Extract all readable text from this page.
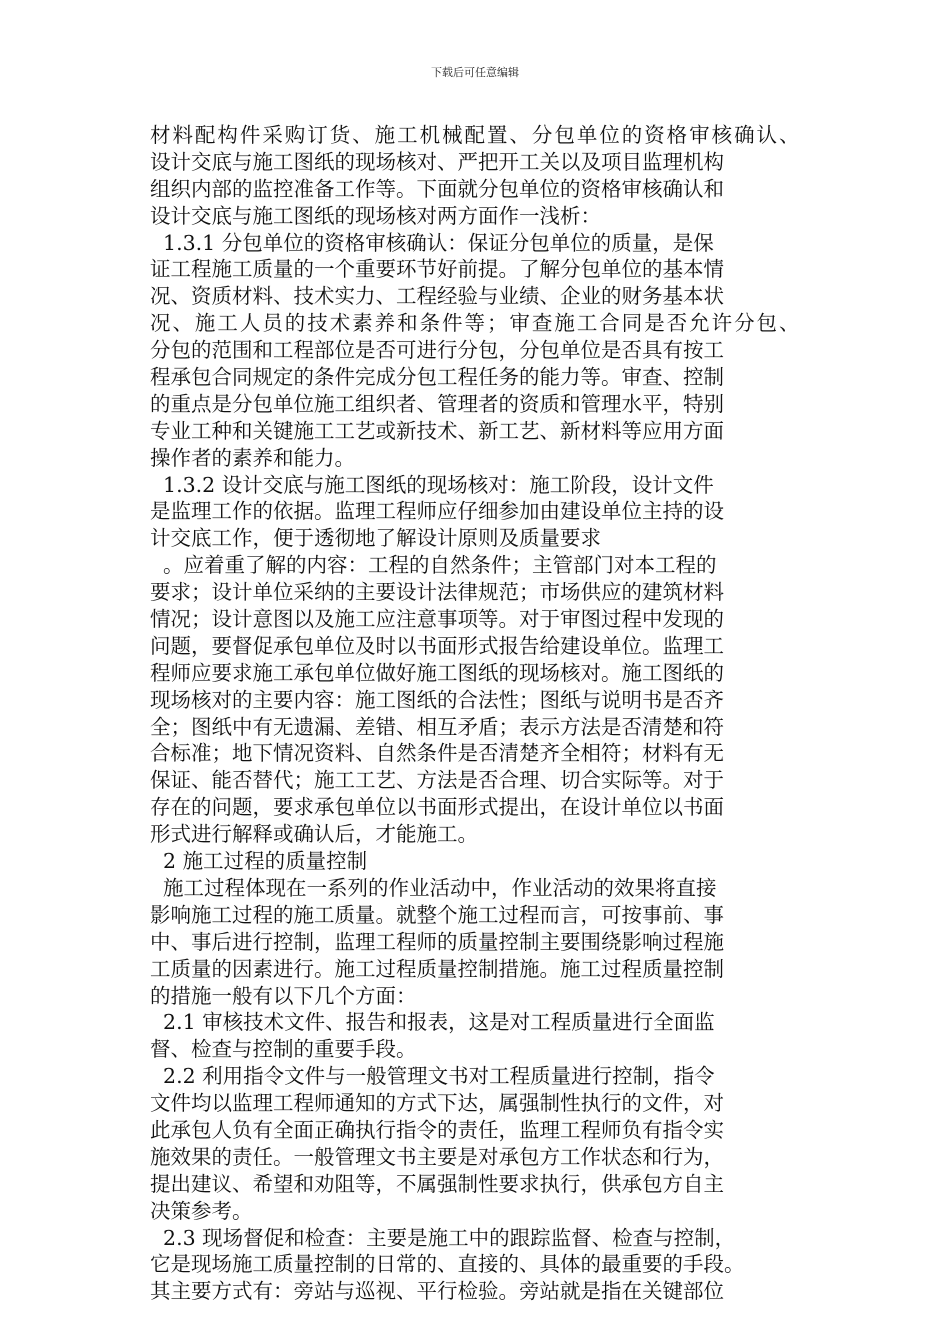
下载后可任意编辑
材料配构件采购订货、施工机械配置、分包单位的资格审核确认、
设计交底与施工图纸的现场核对、严把开工关以及项目监理机构
组织内部的监控准备工作等。下面就分包单位的资格审核确认和
设计交底与施工图纸的现场核对两方面作一浅析：
1.3.1 分包单位的资格审核确认：保证分包单位的质量，是保
证工程施工质量的一个重要环节好前提。了解分包单位的基本情
况、资质材料、技术实力、工程经验与业绩、企业的财务基本状
况、施工人员的技术素养和条件等；审查施工合同是否允许分包、
分包的范围和工程部位是否可进行分包，分包单位是否具有按工
程承包合同规定的条件完成分包工程任务的能力等。审查、控制
的重点是分包单位施工组织者、管理者的资质和管理水平，特别
专业工种和关键施工工艺或新技术、新工艺、新材料等应用方面
操作者的素养和能力。
1.3.2 设计交底与施工图纸的现场核对：施工阶段，设计文件
是监理工作的依据。监理工程师应仔细参加由建设单位主持的设
计交底工作，便于透彻地了解设计原则及质量要求
。应着重了解的内容：工程的自然条件；主管部门对本工程的
要求；设计单位采纳的主要设计法律规范；市场供应的建筑材料
情况；设计意图以及施工应注意事项等。对于审图过程中发现的
问题，要督促承包单位及时以书面形式报告给建设单位。监理工
程师应要求施工承包单位做好施工图纸的现场核对。施工图纸的
现场核对的主要内容：施工图纸的合法性；图纸与说明书是否齐
全；图纸中有无遗漏、差错、相互矛盾；表示方法是否清楚和符
合标准；地下情况资料、自然条件是否清楚齐全相符；材料有无
保证、能否替代；施工工艺、方法是否合理、切合实际等。对于
存在的问题，要求承包单位以书面形式提出，在设计单位以书面
形式进行解释或确认后，才能施工。
2 施工过程的质量控制
施工过程体现在一系列的作业活动中，作业活动的效果将直接
影响施工过程的施工质量。就整个施工过程而言，可按事前、事
中、事后进行控制，监理工程师的质量控制主要围绕影响过程施
工质量的因素进行。施工过程质量控制措施。施工过程质量控制
的措施一般有以下几个方面：
2.1 审核技术文件、报告和报表，这是对工程质量进行全面监
督、检查与控制的重要手段。
2.2 利用指令文件与一般管理文书对工程质量进行控制，指令
文件均以监理工程师通知的方式下达，属强制性执行的文件，对
此承包人负有全面正确执行指令的责任，监理工程师负有指令实
施效果的责任。一般管理文书主要是对承包方工作状态和行为，
提出建议、希望和劝阻等，不属强制性要求执行，供承包方自主
决策参考。
2.3 现场督促和检查：主要是施工中的跟踪监督、检查与控制，
它是现场施工质量控制的日常的、直接的、具体的最重要的手段。
其主要方式有：旁站与巡视、平行检验。旁站就是指在关键部位
